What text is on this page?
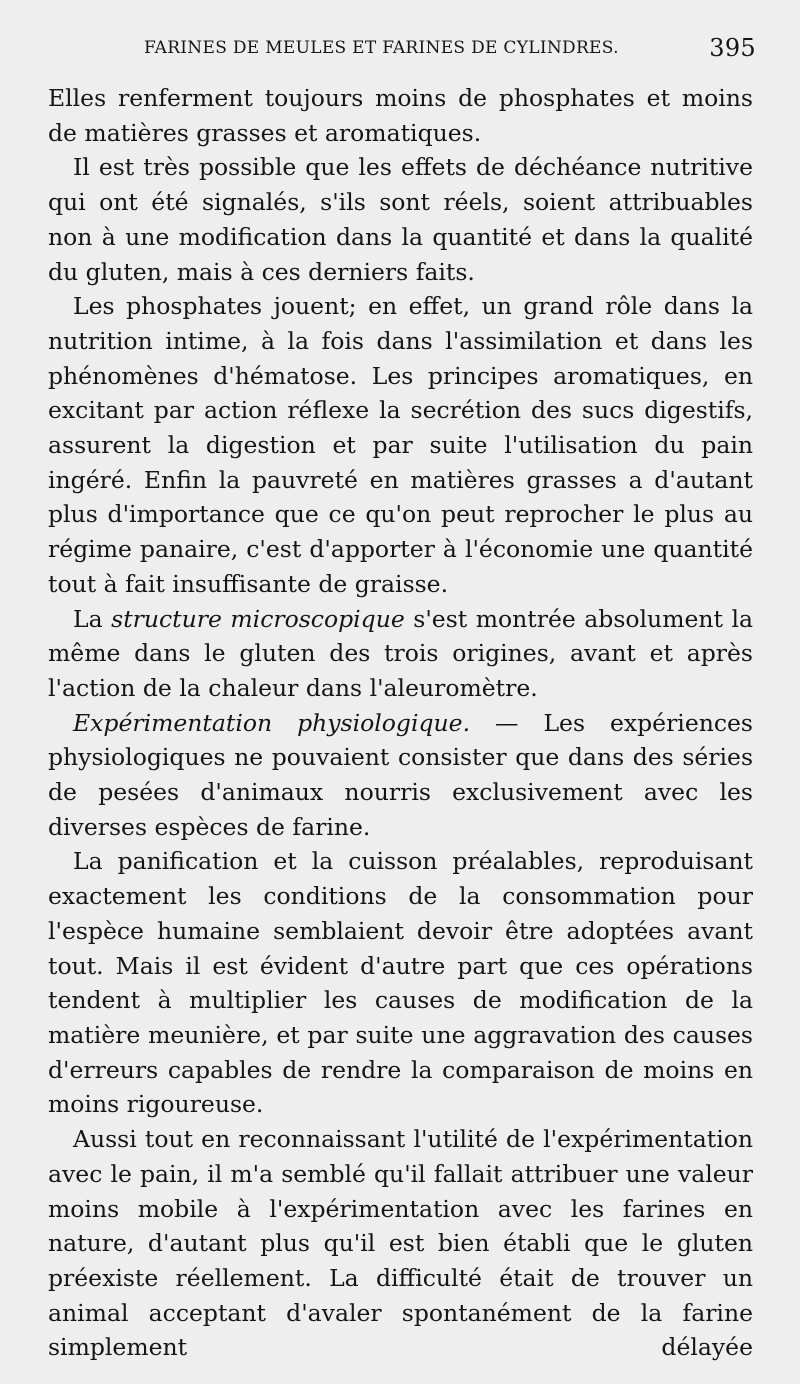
FARINES DE MEULES ET FARINES DE CYLINDRES.	395

Elles renferment toujours moins de phosphates et moins de matières grasses et aromatiques.

Il est très possible que les effets de déchéance nutritive qui ont été signalés, s'ils sont réels, soient attribuables non à une modification dans la quantité et dans la qualité du gluten, mais à ces derniers faits.

Les phosphates jouent; en effet, un grand rôle dans la nutrition intime, à la fois dans l'assimilation et dans les phénomènes d'hématose. Les principes aromatiques, en excitant par action réflexe la secrétion des sucs digestifs, assurent la digestion et par suite l'utilisation du pain ingéré. Enfin la pauvreté en matières grasses a d'autant plus d'importance que ce qu'on peut reprocher le plus au régime panaire, c'est d'apporter à l'économie une quantité tout à fait insuffisante de graisse.

La structure microscopique s'est montrée absolument la même dans le gluten des trois origines, avant et après l'action de la chaleur dans l'aleuromètre.

Expérimentation physiologique. — Les expériences physiologiques ne pouvaient consister que dans des séries de pesées d'animaux nourris exclusivement avec les diverses espèces de farine.

La panification et la cuisson préalables, reproduisant exactement les conditions de la consommation pour l'espèce humaine semblaient devoir être adoptées avant tout. Mais il est évident d'autre part que ces opérations tendent à multiplier les causes de modification de la matière meunière, et par suite une aggravation des causes d'erreurs capables de rendre la comparaison de moins en moins rigoureuse.

Aussi tout en reconnaissant l'utilité de l'expérimentation avec le pain, il m'a semblé qu'il fallait attribuer une valeur moins mobile à l'expérimentation avec les farines en nature, d'autant plus qu'il est bien établi que le gluten préexiste réellement. La difficulté était de trouver un animal acceptant d'avaler spontanément de la farine simplement délayée
